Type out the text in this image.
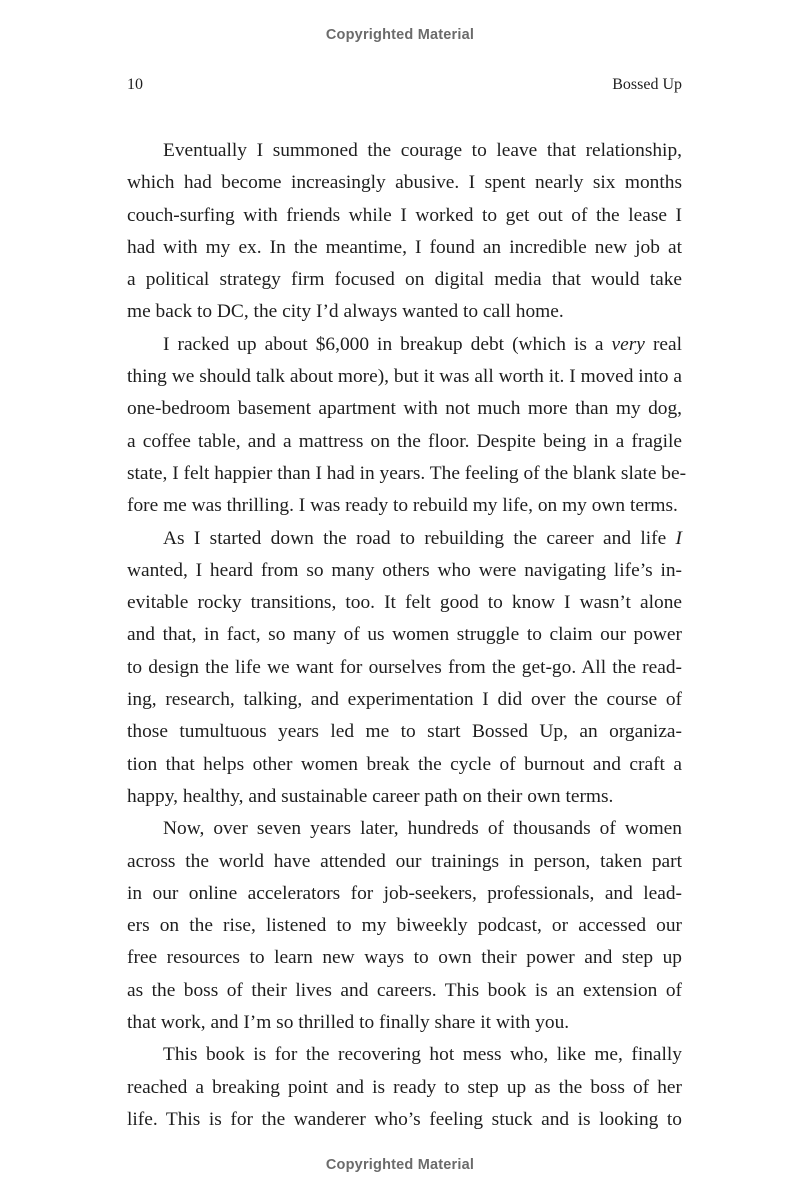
Copyrighted Material
10	Bossed Up
Eventually I summoned the courage to leave that relationship,
which had become increasingly abusive. I spent nearly six months
couch-surfing with friends while I worked to get out of the lease I
had with my ex. In the meantime, I found an incredible new job at
a political strategy firm focused on digital media that would take
me back to DC, the city I’d always wanted to call home.
I racked up about $6,000 in breakup debt (which is a very real
thing we should talk about more), but it was all worth it. I moved into a
one-bedroom basement apartment with not much more than my dog,
a coffee table, and a mattress on the floor. Despite being in a fragile
state, I felt happier than I had in years. The feeling of the blank slate be-
fore me was thrilling. I was ready to rebuild my life, on my own terms.
As I started down the road to rebuilding the career and life I
wanted, I heard from so many others who were navigating life’s in-
evitable rocky transitions, too. It felt good to know I wasn’t alone
and that, in fact, so many of us women struggle to claim our power
to design the life we want for ourselves from the get-go. All the read-
ing, research, talking, and experimentation I did over the course of
those tumultuous years led me to start Bossed Up, an organiza-
tion that helps other women break the cycle of burnout and craft a
happy, healthy, and sustainable career path on their own terms.
Now, over seven years later, hundreds of thousands of women
across the world have attended our trainings in person, taken part
in our online accelerators for job-seekers, professionals, and lead-
ers on the rise, listened to my biweekly podcast, or accessed our
free resources to learn new ways to own their power and step up
as the boss of their lives and careers. This book is an extension of
that work, and I’m so thrilled to finally share it with you.
This book is for the recovering hot mess who, like me, finally
reached a breaking point and is ready to step up as the boss of her
life. This is for the wanderer who’s feeling stuck and is looking to
Copyrighted Material
